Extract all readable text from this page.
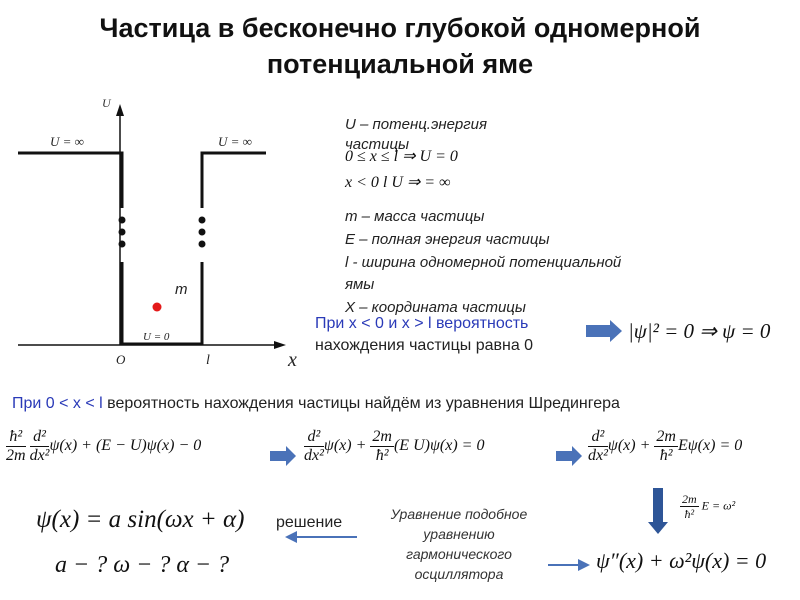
Частица в бесконечно глубокой одномерной
потенциальной яме
U
U = ∞	U = ∞
m
U = 0
O	l	x
U – потенц.энергия
частицы
0 ≤ x ≤ l ⇒ U = 0
x < 0 l U ⇒ = ∞
m – масса частицы
E – полная энергия частицы
l - ширина одномерной потенциальной
ямы
X – координата частицы
При x < 0 и x > l вероятность
нахождения частицы равна 0
|ψ|² = 0 ⇒ ψ = 0
При 0 < x < l вероятность нахождения частицы найдём из уравнения Шредингера
$\frac{\text{ħ²}}{2m}$
$\frac{\text{d²}}{\text{dx²}} \psi(x) + (E - U)\psi(x) - 0$	$\frac{\text{d²}}{\text{dx²}} \psi(x) + \frac{2m}{\text{ħ²}} (E$ U)ψ(x) = 0	$\frac{\text{d²}}{\text{dx²}} \psi(x) + \frac{2m}{\text{ħ²}} E\psi(x) = 0$
$\frac{2m}{\text{ħ²}}$ E = ω²
ψ″(x) + ω²ψ(x) = 0
Уравнение подобное
уравнению
гармонического
осциллятора
решение
ψ(x) = a sin(ωx + α)
a − ? ω − ? α − ?
